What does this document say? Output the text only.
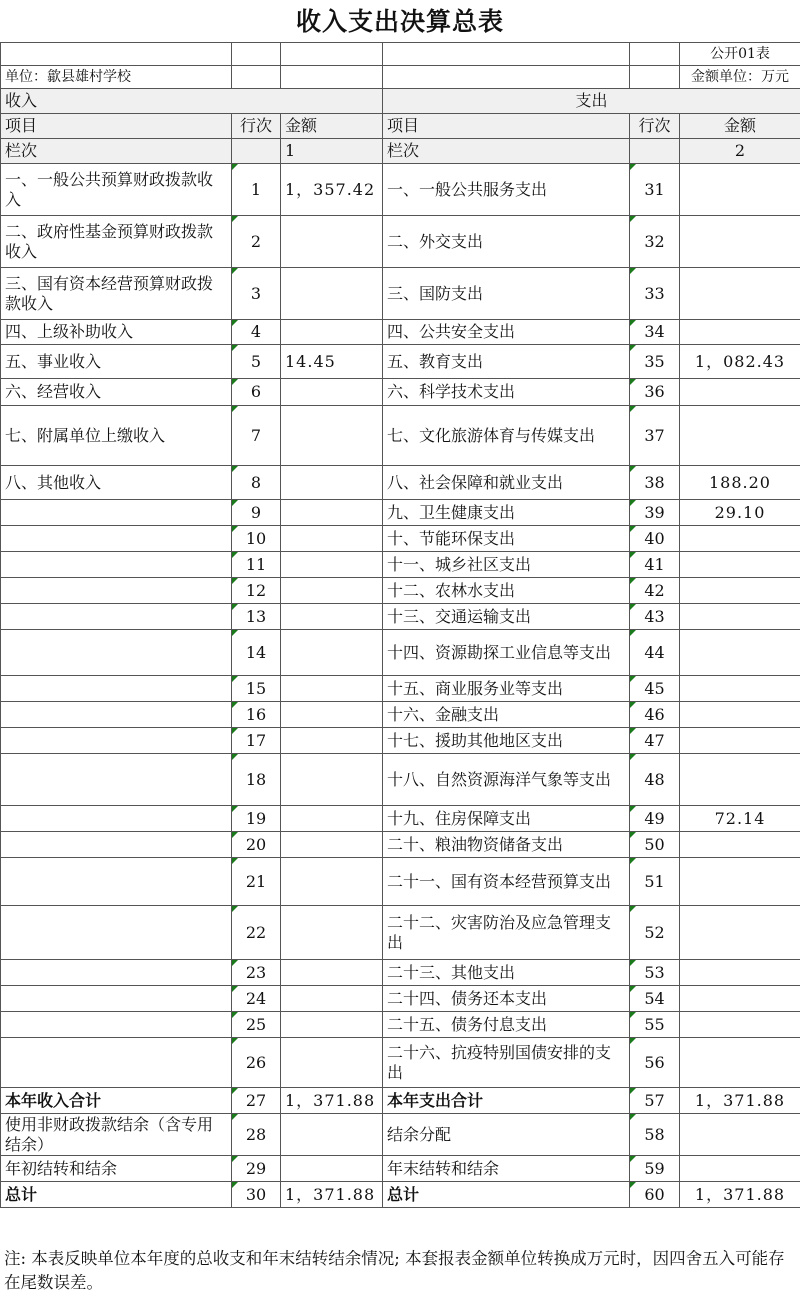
收入支出决算总表
					公开01表
单位：歙县雄村学校					金额单位：万元
收入			支出		
项目	行次	金额	项目	行次	金额
栏次		1	栏次		2
一、一般公共预算财政拨款收入	1	1，357.42	一、一般公共服务支出	31	
二、政府性基金预算财政拨款收入	2		二、外交支出	32	
三、国有资本经营预算财政拨款收入	3		三、国防支出	33	
四、上级补助收入	4		四、公共安全支出	34	
五、事业收入	5	14.45	五、教育支出	35	1，082.43
六、经营收入	6		六、科学技术支出	36	
七、附属单位上缴收入	7		七、文化旅游体育与传媒支出	37	
八、其他收入	8		八、社会保障和就业支出	38	188.20
	9		九、卫生健康支出	39	29.10
	10		十、节能环保支出	40	
	11		十一、城乡社区支出	41	
	12		十二、农林水支出	42	
	13		十三、交通运输支出	43	
	14		十四、资源勘探工业信息等支出	44	
	15		十五、商业服务业等支出	45	
	16		十六、金融支出	46	
	17		十七、援助其他地区支出	47	
	18		十八、自然资源海洋气象等支出	48	
	19		十九、住房保障支出	49	72.14
	20		二十、粮油物资储备支出	50	
	21		二十一、国有资本经营预算支出	51	
	22		二十二、灾害防治及应急管理支出	52	
	23		二十三、其他支出	53	
	24		二十四、债务还本支出	54	
	25		二十五、债务付息支出	55	
	26		二十六、抗疫特别国债安排的支出	56	
本年收入合计	27	1，371.88	本年支出合计	57	1，371.88
使用非财政拨款结余（含专用结余）	28		结余分配	58	
年初结转和结余	29		年末结转和结余	59	
总计	30	1，371.88	总计	60	1，371.88
注: 本表反映单位本年度的总收支和年末结转结余情况; 本套报表金额单位转换成万元时，因四舍五入可能存在尾数误差。
